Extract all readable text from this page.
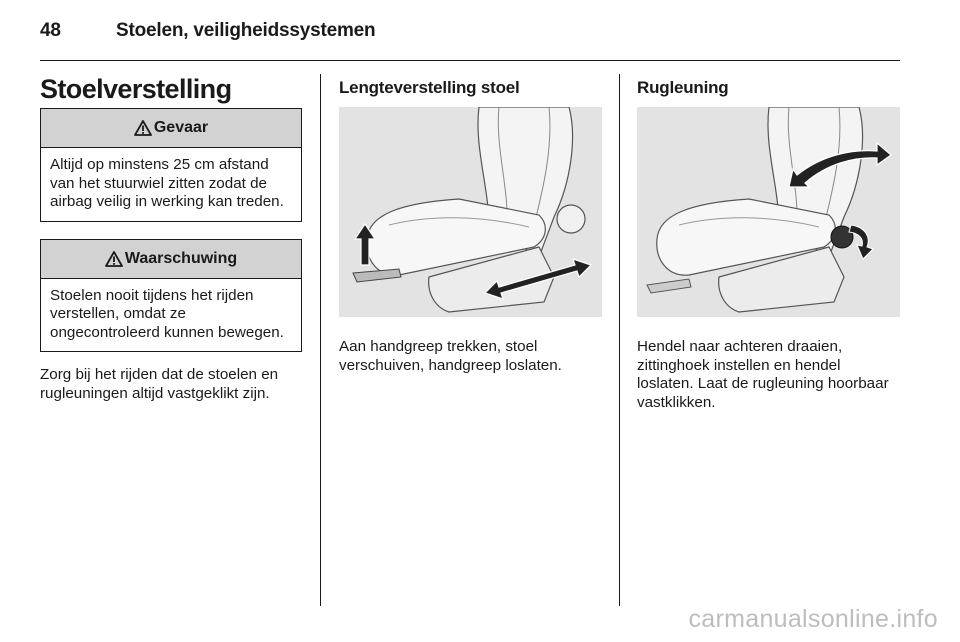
48	Stoelen, veiligheidssystemen
Stoelverstelling
Gevaar
Altijd op minstens 25 cm afstand van het stuurwiel zitten zodat de airbag veilig in werking kan treden.
Waarschuwing
Stoelen nooit tijdens het rijden verstellen, omdat ze ongecontroleerd kunnen bewegen.

Zorg bij het rijden dat de stoelen en rugleuningen altijd vastgeklikt zijn.

Lengteverstelling stoel

Aan handgreep trekken, stoel verschuiven, handgreep loslaten.

Rugleuning

Hendel naar achteren draaien, zittinghoek instellen en hendel loslaten. Laat de rugleuning hoorbaar vastklikken.

carmanualsonline.info
